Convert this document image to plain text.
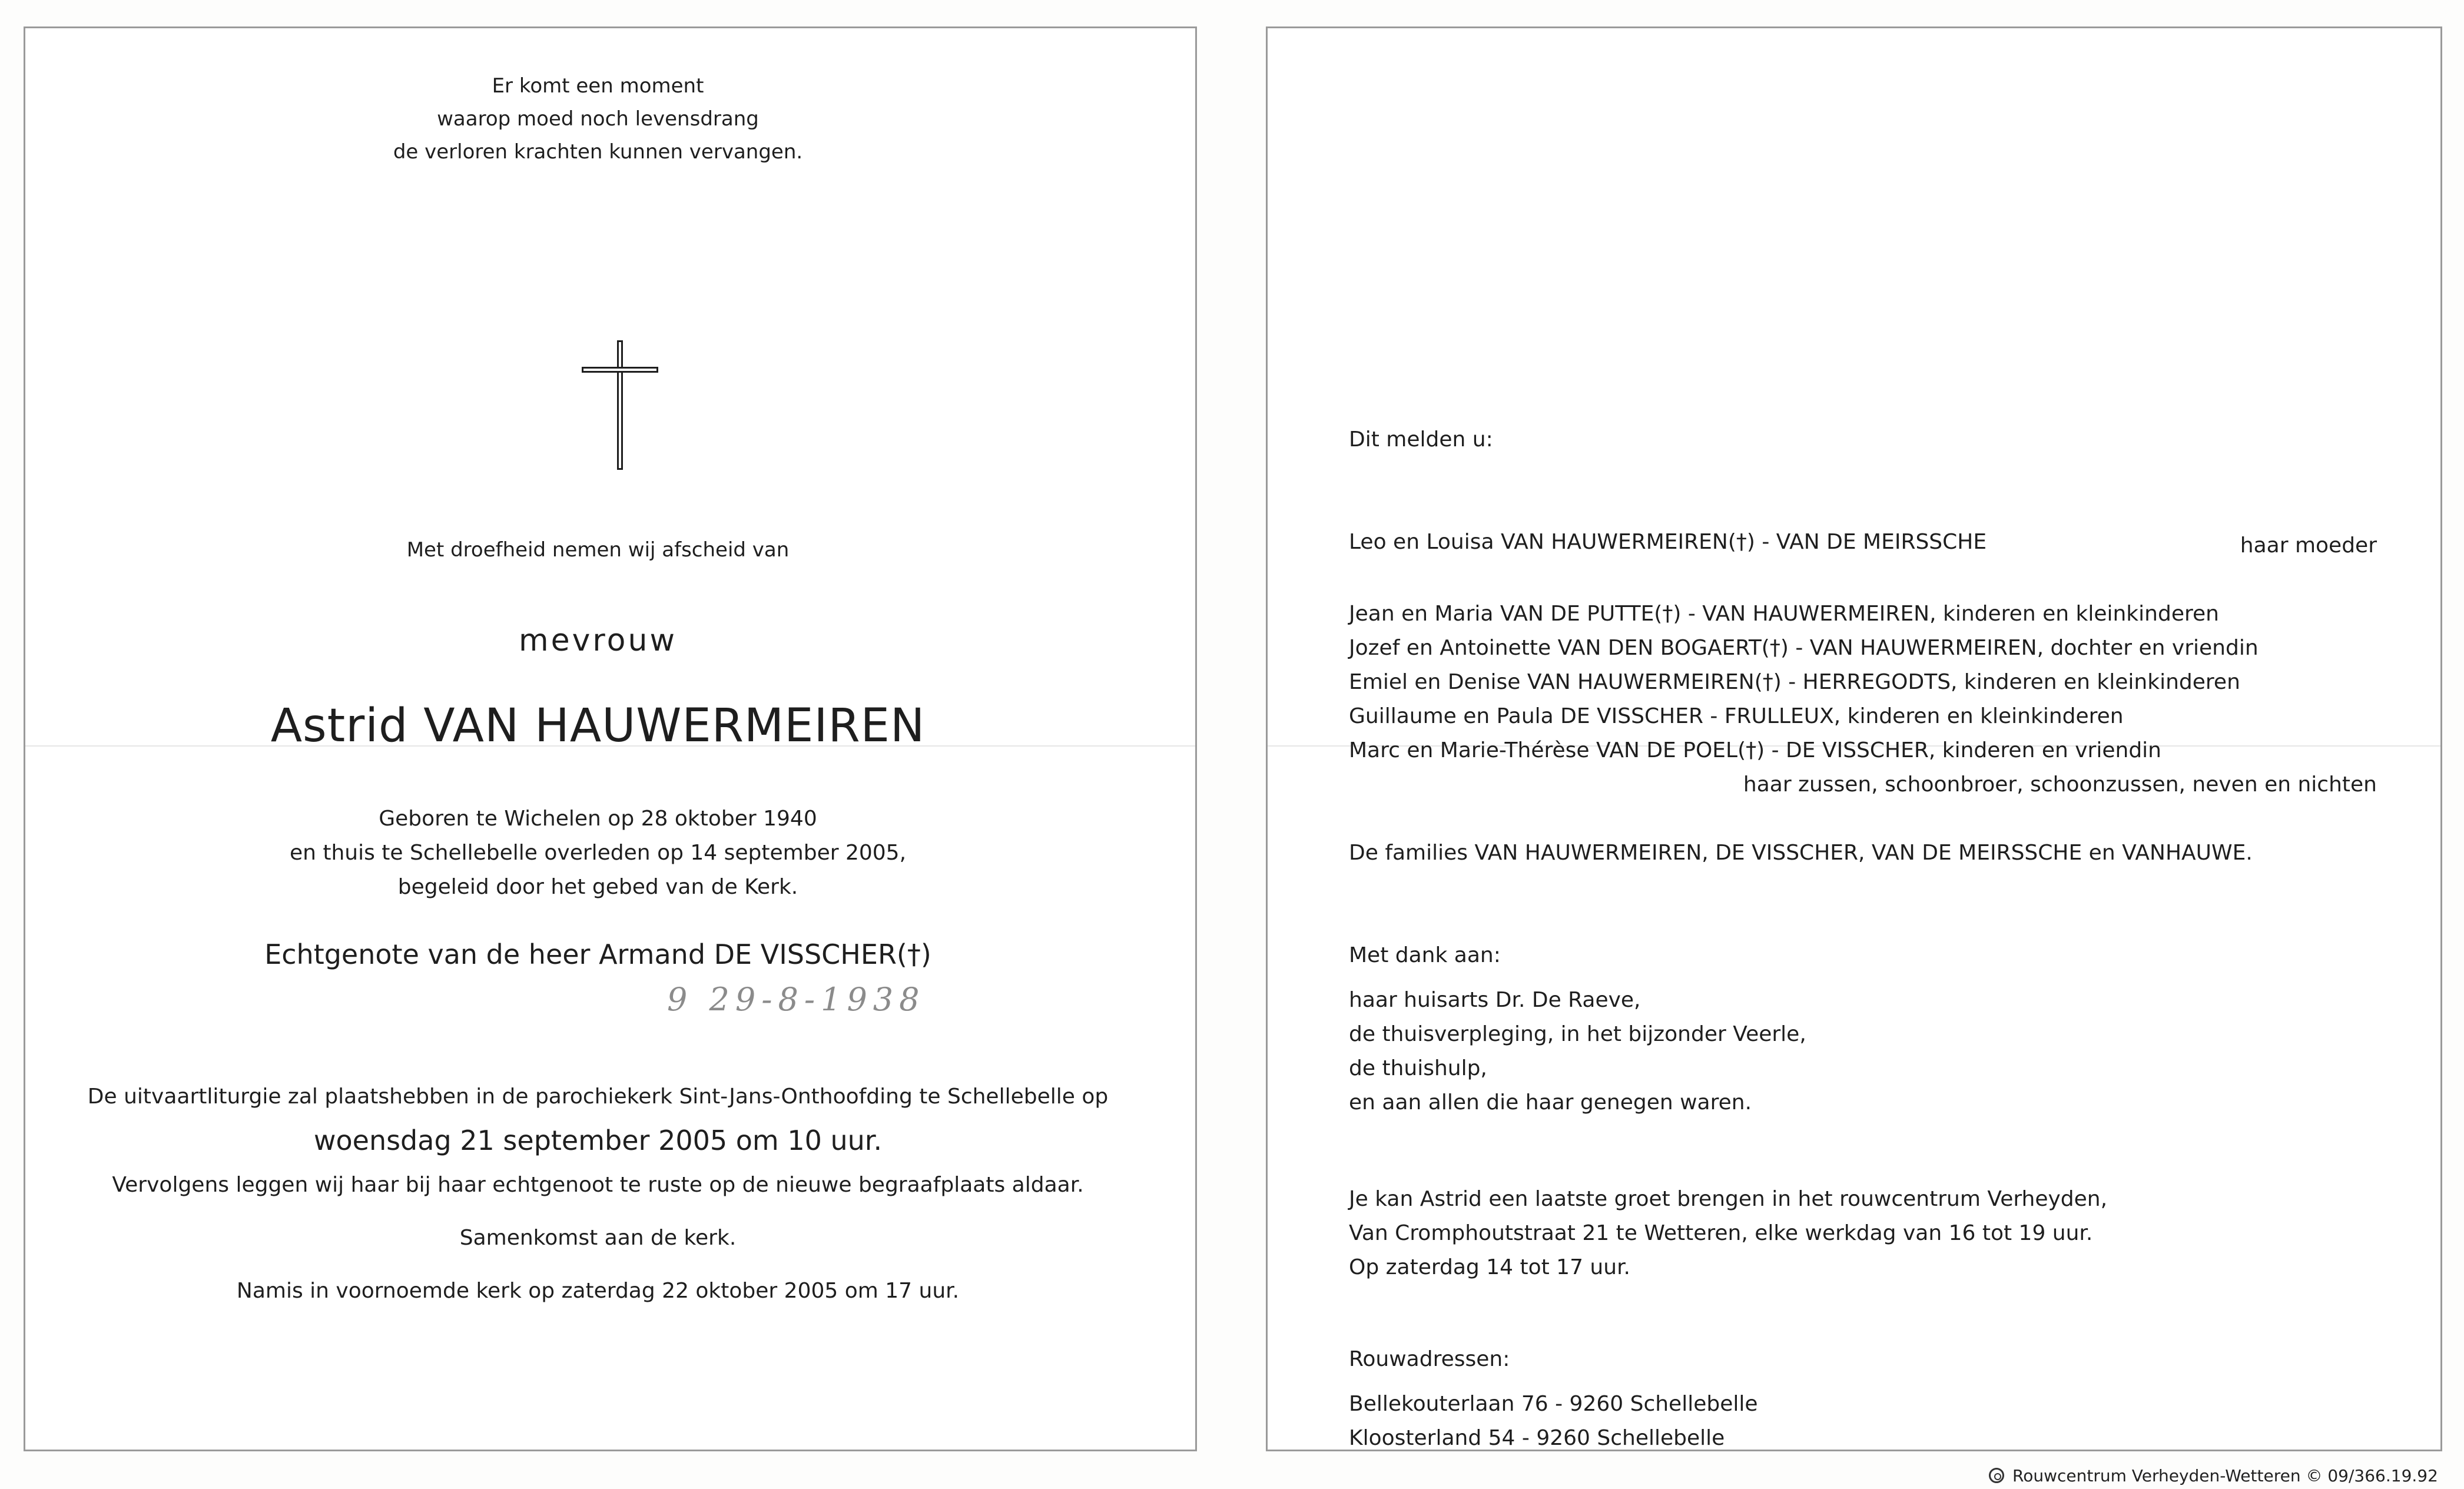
Er komt een moment
waarop moed noch levensdrang
de verloren krachten kunnen vervangen.
Met droefheid nemen wij afscheid van
mevrouw
Astrid VAN HAUWERMEIREN
Geboren te Wichelen op 28 oktober 1940
en thuis te Schellebelle overleden op 14 september 2005,
begeleid door het gebed van de Kerk.
Echtgenote van de heer Armand DE VISSCHER(†)
9 29-8-1938
De uitvaartliturgie zal plaatshebben in de parochiekerk Sint-Jans-Onthoofding te Schellebelle op
woensdag 21 september 2005 om 10 uur.
Vervolgens leggen wij haar bij haar echtgenoot te ruste op de nieuwe begraafplaats aldaar.
Samenkomst aan de kerk.
Namis in voornoemde kerk op zaterdag 22 oktober 2005 om 17 uur.
Dit melden u:
Leo en Louisa VAN HAUWERMEIREN(†) - VAN DE MEIRSSCHE	haar moeder
Jean en Maria VAN DE PUTTE(†) - VAN HAUWERMEIREN, kinderen en kleinkinderen
Jozef en Antoinette VAN DEN BOGAERT(†) - VAN HAUWERMEIREN, dochter en vriendin
Emiel en Denise VAN HAUWERMEIREN(†) - HERREGODTS, kinderen en kleinkinderen
Guillaume en Paula DE VISSCHER - FRULLEUX, kinderen en kleinkinderen
Marc en Marie-Thérèse VAN DE POEL(†) - DE VISSCHER, kinderen en vriendin
haar zussen, schoonbroer, schoonzussen, neven en nichten
De families VAN HAUWERMEIREN, DE VISSCHER, VAN DE MEIRSSCHE en VANHAUWE.
Met dank aan:
haar huisarts Dr. De Raeve,
de thuisverpleging, in het bijzonder Veerle,
de thuishulp,
en aan allen die haar genegen waren.
Je kan Astrid een laatste groet brengen in het rouwcentrum Verheyden,
Van Cromphoutstraat 21 te Wetteren, elke werkdag van 16 tot 19 uur.
Op zaterdag 14 tot 17 uur.
Rouwadressen:
Bellekouterlaan 76 - 9260 Schellebelle
Kloosterland 54 - 9260 Schellebelle
Rouwcentrum Verheyden-Wetteren © 09/366.19.92
